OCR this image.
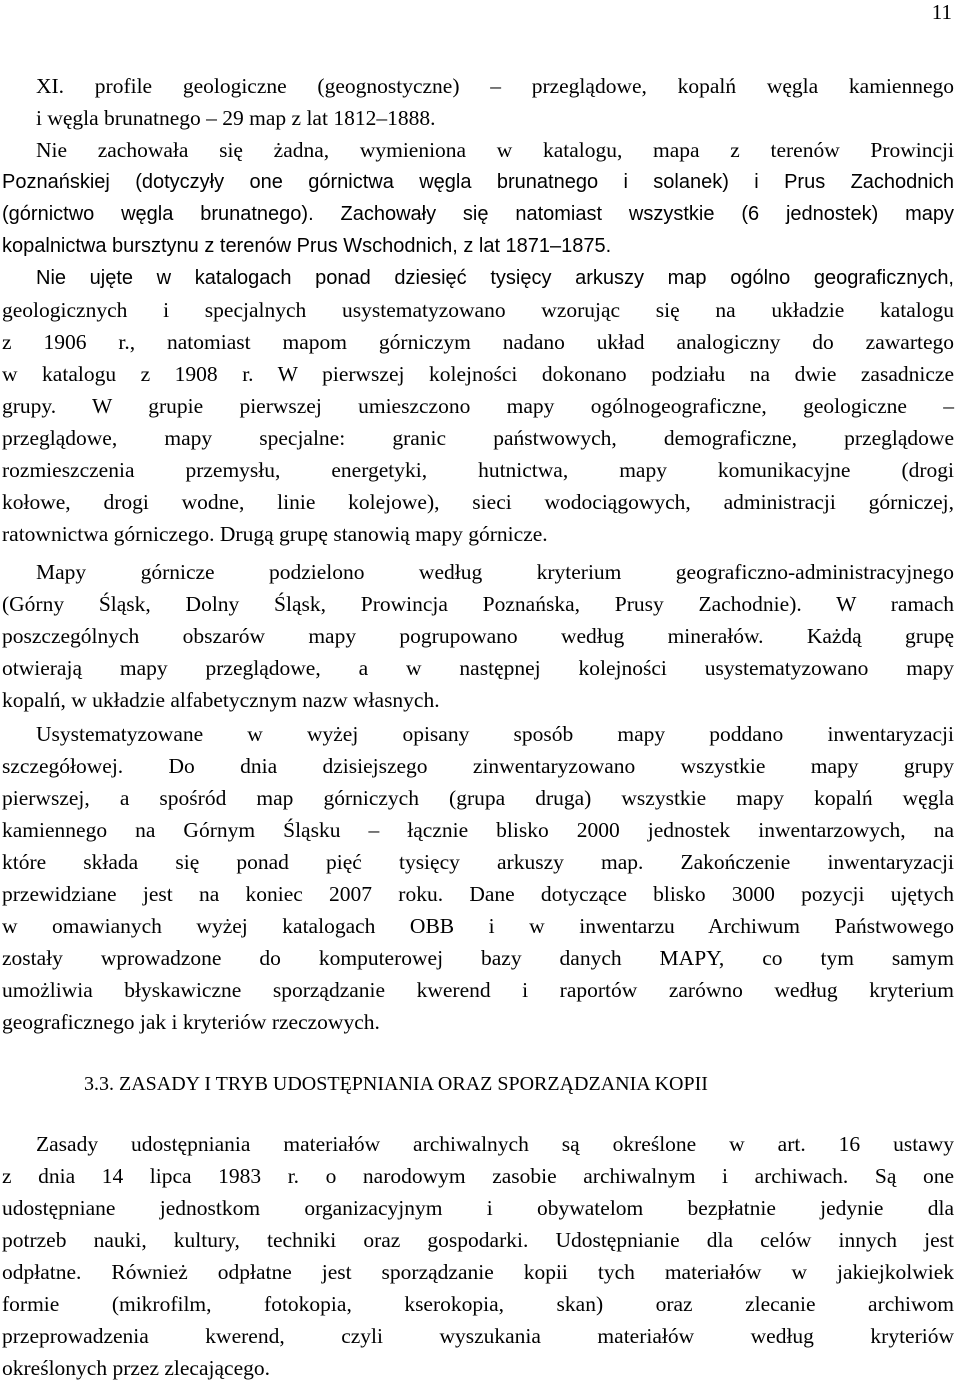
11
XI. profile geologiczne (geognostyczne) – przeglądowe, kopalń węgla kamiennego
i węgla brunatnego – 29 map z lat 1812–1888.
Nie zachowała się żadna, wymieniona w katalogu, mapa z terenów Prowincji
Poznańskiej (dotyczyły one górnictwa węgla brunatnego i solanek) i Prus Zachodnich
(górnictwo węgla brunatnego). Zachowały się natomiast wszystkie (6 jednostek) mapy
kopalnictwa bursztynu z terenów Prus Wschodnich, z lat 1871–1875.
Nie ujęte w katalogach ponad dziesięć tysięcy arkuszy map ogólno geograficznych,
geologicznych i specjalnych usystematyzowano wzorując się na układzie katalogu
z 1906 r., natomiast mapom górniczym nadano układ analogiczny do zawartego
w katalogu z 1908 r. W pierwszej kolejności dokonano podziału na dwie zasadnicze
grupy. W grupie pierwszej umieszczono mapy ogólnogeograficzne, geologiczne –
przeglądowe, mapy specjalne: granic państwowych, demograficzne, przeglądowe
rozmieszczenia przemysłu, energetyki, hutnictwa, mapy komunikacyjne (drogi
kołowe, drogi wodne, linie kolejowe), sieci wodociągowych, administracji górniczej,
ratownictwa górniczego. Drugą grupę stanowią mapy górnicze.
Mapy górnicze podzielono według kryterium geograficzno-administracyjnego
(Górny Śląsk, Dolny Śląsk, Prowincja Poznańska, Prusy Zachodnie). W ramach
poszczególnych obszarów mapy pogrupowano według minerałów. Każdą grupę
otwierają mapy przeglądowe, a w następnej kolejności usystematyzowano mapy
kopalń, w układzie alfabetycznym nazw własnych.
Usystematyzowane w wyżej opisany sposób mapy poddano inwentaryzacji
szczegółowej. Do dnia dzisiejszego zinwentaryzowano wszystkie mapy grupy
pierwszej, a spośród map górniczych (grupa druga) wszystkie mapy kopalń węgla
kamiennego na Górnym Śląsku – łącznie blisko 2000 jednostek inwentarzowych, na
które składa się ponad pięć tysięcy arkuszy map. Zakończenie inwentaryzacji
przewidziane jest na koniec 2007 roku. Dane dotyczące blisko 3000 pozycji ujętych
w omawianych wyżej katalogach OBB i w inwentarzu Archiwum Państwowego
zostały wprowadzone do komputerowej bazy danych MAPY, co tym samym
umożliwia błyskawiczne sporządzanie kwerend i raportów zarówno według kryterium
geograficznego jak i kryteriów rzeczowych.
Zasady udostępniania materiałów archiwalnych są określone w art. 16 ustawy
z dnia 14 lipca 1983 r. o narodowym zasobie archiwalnym i archiwach. Są one
udostępniane jednostkom organizacyjnym i obywatelom bezpłatnie jedynie dla
potrzeb nauki, kultury, techniki oraz gospodarki. Udostępnianie dla celów innych jest
odpłatne. Również odpłatne jest sporządzanie kopii tych materiałów w jakiejkolwiek
formie (mikrofilm, fotokopia, kserokopia, skan) oraz zlecanie archiwom
przeprowadzenia kwerend, czyli wyszukania materiałów według kryteriów
określonych przez zlecającego.
3.3. ZASADY I TRYB UDOSTĘPNIANIA ORAZ SPORZĄDZANIA KOPII
